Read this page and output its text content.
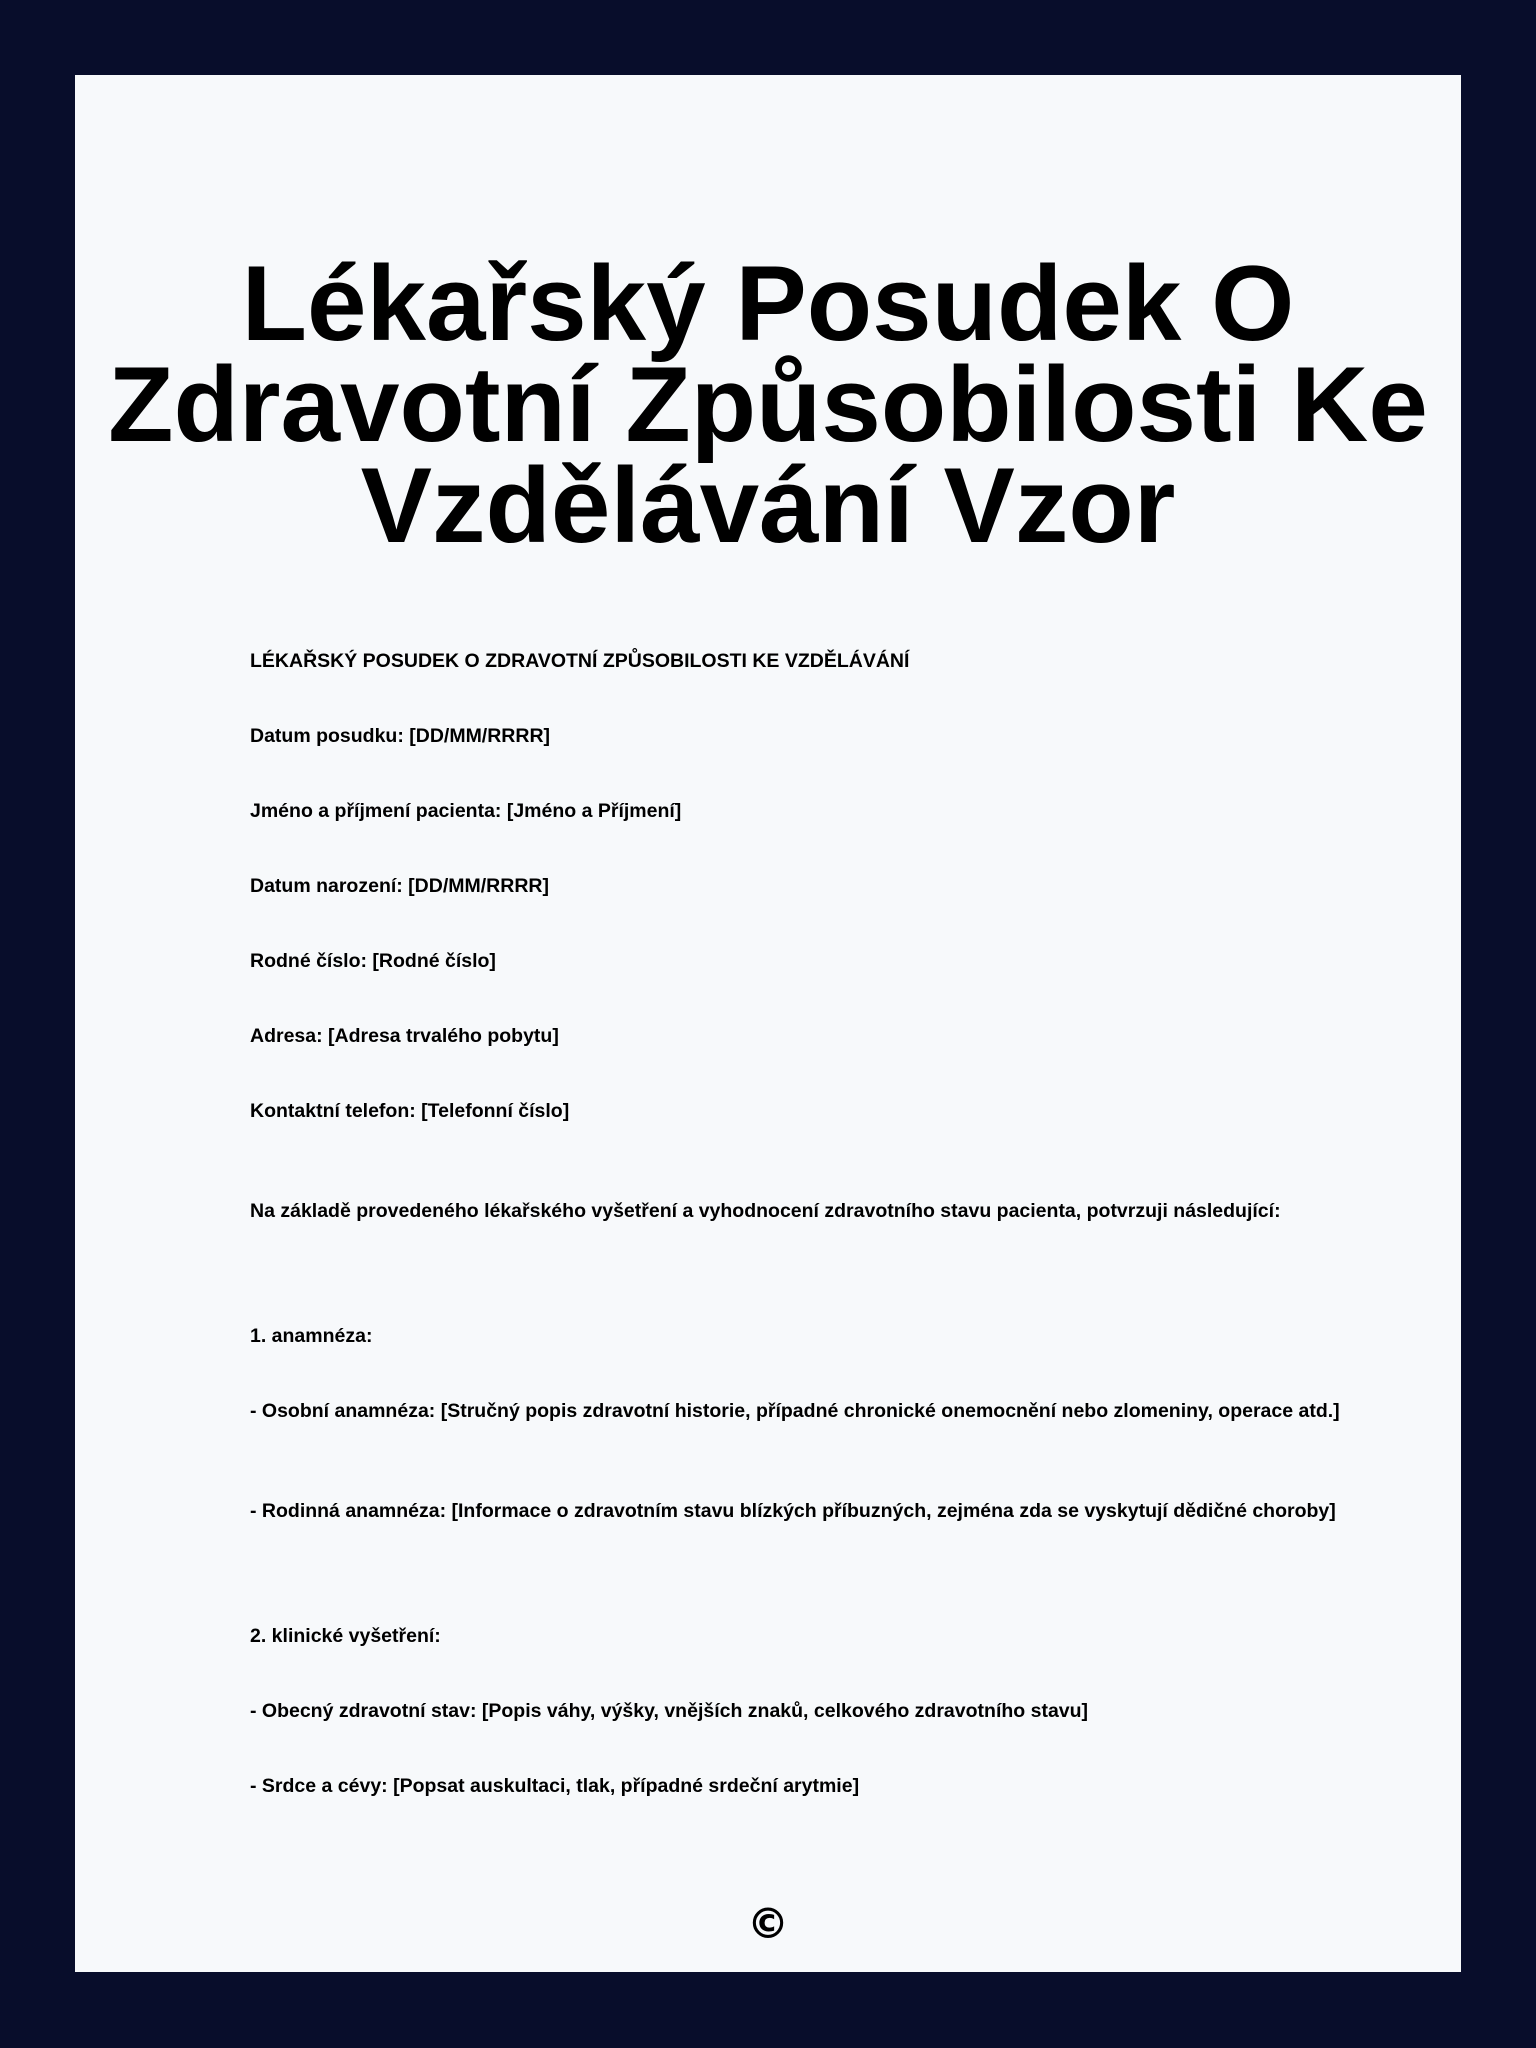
Lékařský Posudek O Zdravotní Způsobilosti Ke Vzdělávání Vzor

LÉKAŘSKÝ POSUDEK O ZDRAVOTNÍ ZPŮSOBILOSTI KE VZDĚLÁVÁNÍ

Datum posudku: [DD/MM/RRRR]

Jméno a příjmení pacienta: [Jméno a Příjmení]

Datum narození: [DD/MM/RRRR]

Rodné číslo: [Rodné číslo]

Adresa: [Adresa trvalého pobytu]

Kontaktní telefon: [Telefonní číslo]

Na základě provedeného lékařského vyšetření a vyhodnocení zdravotního stavu pacienta, potvrzuji následující:

1. anamnéza:

- Osobní anamnéza: [Stručný popis zdravotní historie, případné chronické onemocnění nebo zlomeniny, operace atd.]

- Rodinná anamnéza: [Informace o zdravotním stavu blízkých příbuzných, zejména zda se vyskytují dědičné choroby]

2. klinické vyšetření:

- Obecný zdravotní stav: [Popis váhy, výšky, vnějších znaků, celkového zdravotního stavu]

- Srdce a cévy: [Popsat auskultaci, tlak, případné srdeční arytmie]

©
